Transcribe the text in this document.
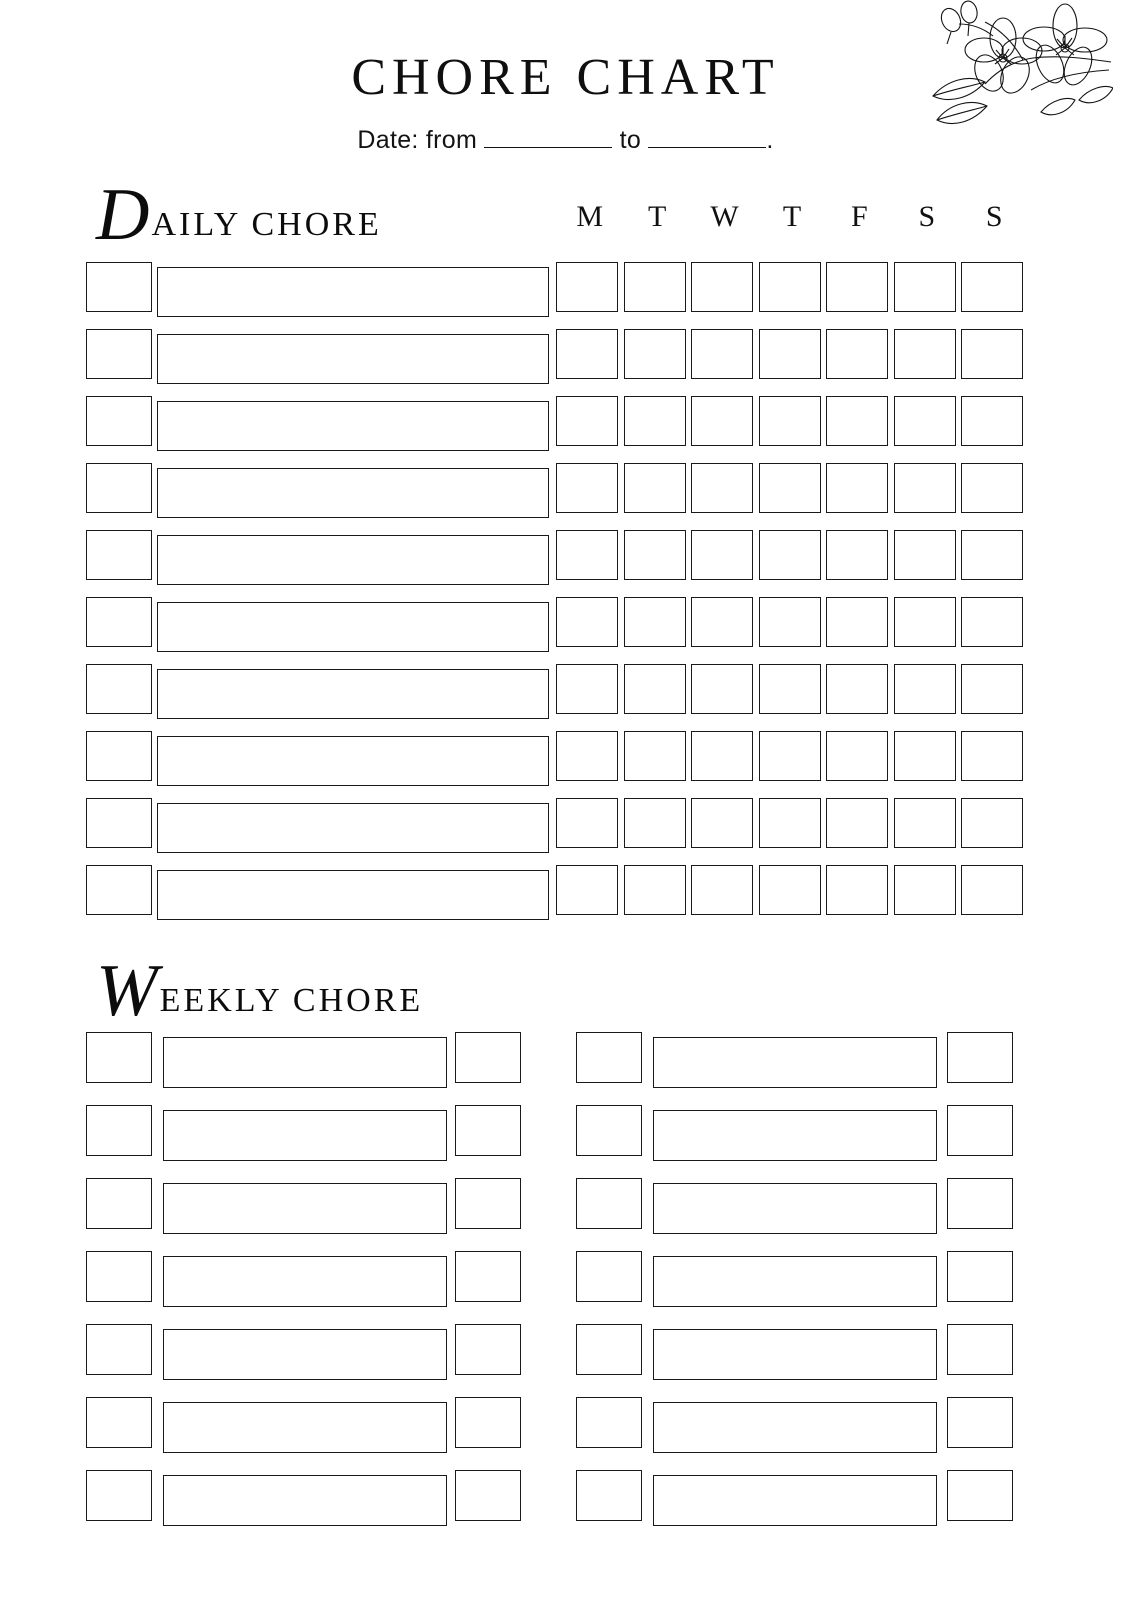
CHORE CHART
Date: from	to	.
D AILY CHORE	M	T	W	T	F	S	S
W EEKLY CHORE
